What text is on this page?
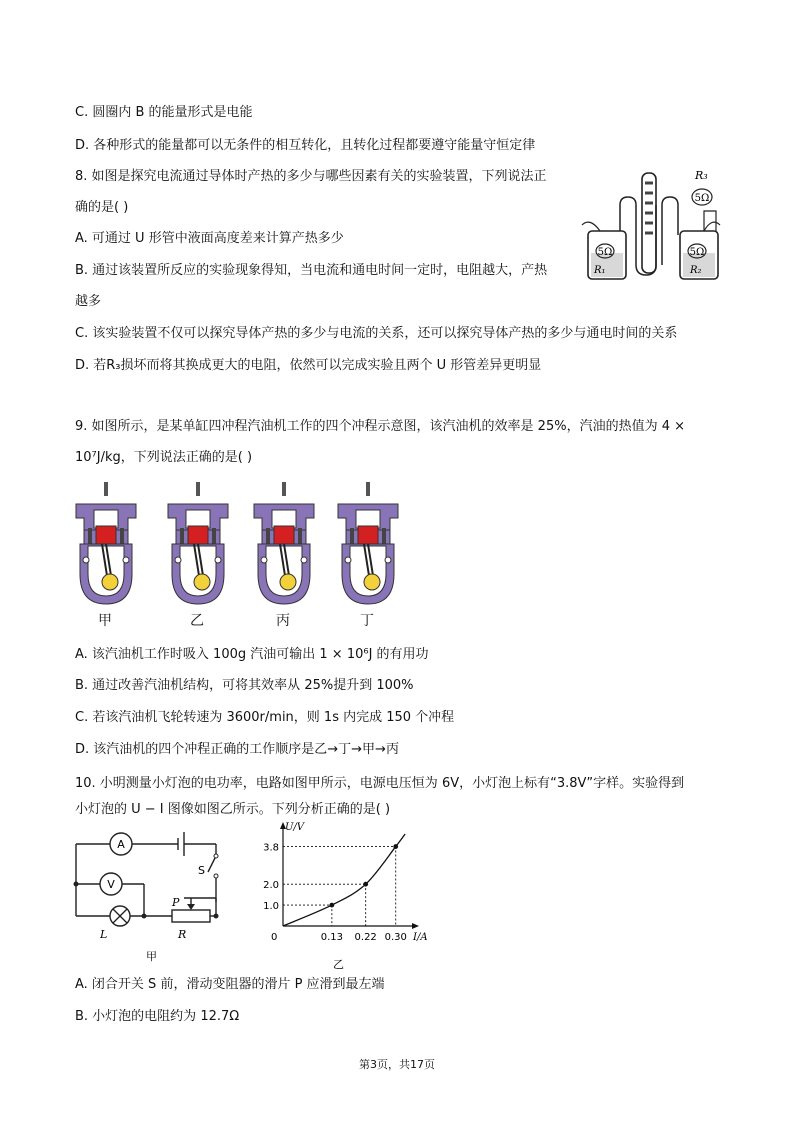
C. 圆圈内 B 的能量形式是电能
D. 各种形式的能量都可以无条件的相互转化，且转化过程都要遵守能量守恒定律
8. 如图是探究电流通过导体时产热的多少与哪些因素有关的实验装置，下列说法正
确的是( )
A. 可通过 U 形管中液面高度差来计算产热多少
B. 通过该装置所反应的实验现象得知，当电流和通电时间一定时，电阻越大，产热
越多
C. 该实验装置不仅可以探究导体产热的多少与电流的关系，还可以探究导体产热的多少与通电时间的关系
D. 若R₃损坏而将其换成更大的电阻，依然可以完成实验且两个 U 形管差异更明显
9. 如图所示，是某单缸四冲程汽油机工作的四个冲程示意图，该汽油机的效率是 25%，汽油的热值为 4 ×
10⁷J/kg，下列说法正确的是( )
A. 该汽油机工作时吸入 100g 汽油可输出 1 × 10⁶J 的有用功
B. 通过改善汽油机结构，可将其效率从 25%提升到 100%
C. 若该汽油机飞轮转速为 3600r/min，则 1s 内完成 150 个冲程
D. 该汽油机的四个冲程正确的工作顺序是乙→丁→甲→丙
10. 小明测量小灯泡的电功率，电路如图甲所示，电源电压恒为 6V，小灯泡上标有“3.8V”字样。实验得到
小灯泡的 U − I 图像如图乙所示。下列分析正确的是( )
A. 闭合开关 S 前，滑动变阻器的滑片 P 应滑到最左端
B. 小灯泡的电阻约为 12.7Ω
5Ω
R₁
5Ω
R₂
5Ω
R₃
甲	乙	丙	丁
A
V
S
P
L	R
甲
U/V
I/A
0
1.0
0.13
2.0
0.22
3.8
0.30
乙
第3页，共17页
